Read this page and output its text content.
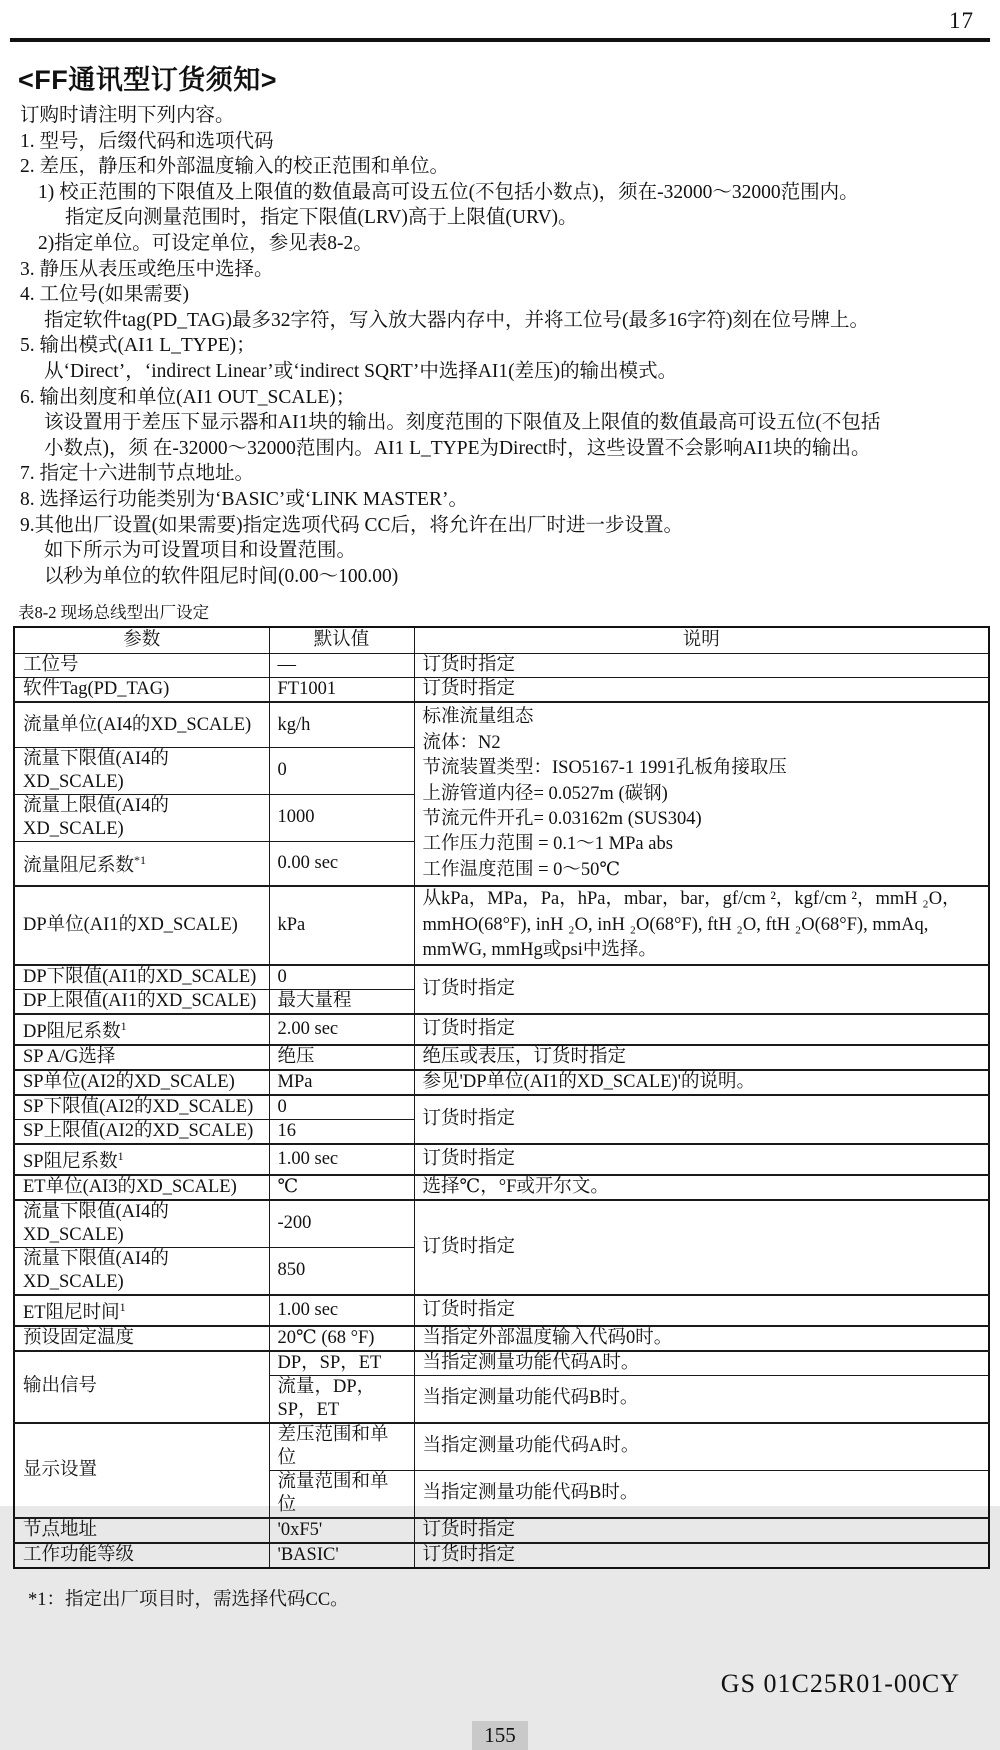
17
<FF通讯型订货须知>
订购时请注明下列内容。
1. 型号，后缀代码和选项代码
2. 差压，静压和外部温度输入的校正范围和单位。
1) 校正范围的下限值及上限值的数值最高可设五位(不包括小数点)，须在-32000～32000范围内。
指定反向测量范围时，指定下限值(LRV)高于上限值(URV)。
2)指定单位。可设定单位，参见表8-2。
3. 静压从表压或绝压中选择。
4. 工位号(如果需要)
指定软件tag(PD_TAG)最多32字符，写入放大器内存中，并将工位号(最多16字符)刻在位号牌上。
5. 输出模式(AI1 L_TYPE)；
从‘Direct’，‘indirect Linear’或‘indirect SQRT’中选择AI1(差压)的输出模式。
6. 输出刻度和单位(AI1 OUT_SCALE)；
该设置用于差压下显示器和AI1块的输出。刻度范围的下限值及上限值的数值最高可设五位(不包括
小数点)，须 在-32000～32000范围内。AI1 L_TYPE为Direct时，这些设置不会影响AI1块的输出。
7. 指定十六进制节点地址。
8. 选择运行功能类别为‘BASIC’或‘LINK MASTER’。
9.其他出厂设置(如果需要)指定选项代码 CC后，将允许在出厂时进一步设置。
如下所示为可设置项目和设置范围。
以秒为单位的软件阻尼时间(0.00～100.00)
表8-2 现场总线型出厂设定
参数	默认值	说明
工位号	—	订货时指定
软件Tag(PD_TAG)	FT1001	订货时指定
流量单位(AI4的XD_SCALE)	kg/h	标准流量组态
流体：N2
节流装置类型：ISO5167-1 1991孔板角接取压
上游管道内径= 0.0527m (碳钢)
节流元件开孔= 0.03162m (SUS304)
工作压力范围 = 0.1～1 MPa abs
工作温度范围 = 0～50℃

流量下限值(AI4的XD_SCALE)	0	
流量上限值(AI4的XD_SCALE)	1000	
流量阻尼系数$^{*1}$	0.00 sec	
DP单位(AI1的XD_SCALE)	kPa	从kPa，MPa，Pa，hPa，mbar，bar，gf/cm ²，kgf/cm ²，mmH ₂O，mmHO(68°F), inH ₂O, inH ₂O(68°F), ftH ₂O, ftH ₂O(68°F), mmAq, mmWG, mmHg或psi中选择。
DP下限值(AI1的XD_SCALE)	0	订货时指定
DP上限值(AI1的XD_SCALE)	最大量程	
DP阻尼系数$^1$	2.00 sec	订货时指定
SP A/G选择	绝压	绝压或表压，订货时指定
SP单位(AI2的XD_SCALE)	MPa	参见'DP单位(AI1的XD_SCALE)'的说明。
SP下限值(AI2的XD_SCALE)	0	订货时指定
SP上限值(AI2的XD_SCALE)	16	
SP阻尼系数$^1$	1.00 sec	订货时指定
ET单位(AI3的XD_SCALE)	℃	选择℃，°F或开尔文。
流量下限值(AI4的XD_SCALE)	-200	订货时指定
流量下限值(AI4的XD_SCALE)	850	
ET阻尼时间$^1$	1.00 sec	订货时指定
预设固定温度	20℃ (68 °F)	当指定外部温度输入代码0时。
输出信号	DP，SP，ET	当指定测量功能代码A时。
	流量，DP，SP，ET	当指定测量功能代码B时。
显示设置	差压范围和单位	当指定测量功能代码A时。
	流量范围和单位	当指定测量功能代码B时。
节点地址	'0xF5'	订货时指定
工作功能等级	'BASIC'	订货时指定
*1：指定出厂项目时，需选择代码CC。
GS 01C25R01-00CY
155
